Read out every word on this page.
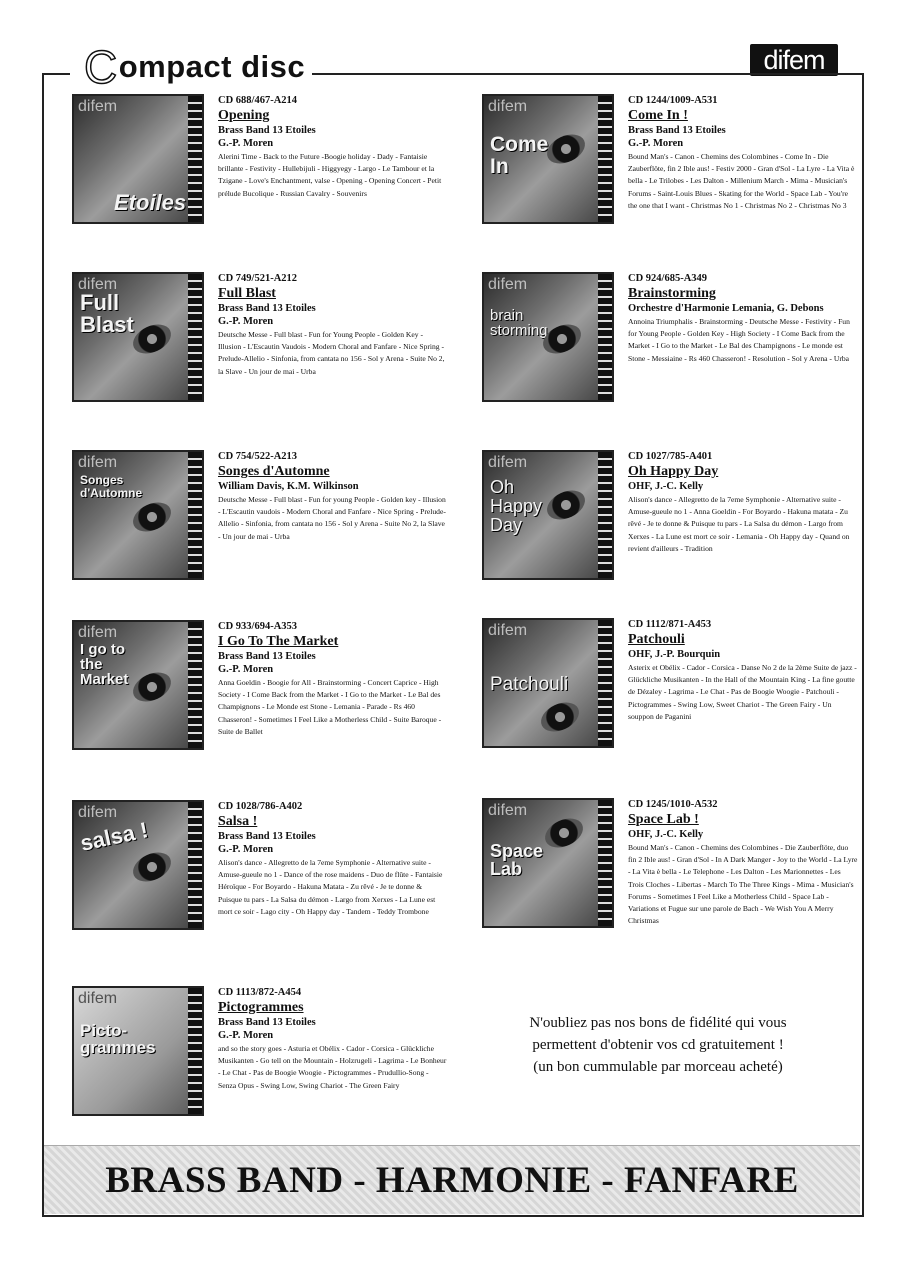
Compact disc	difem
difem
Etoiles
CD 688/467-A214
Opening
Brass Band 13 Etoiles
G.-P. Moren
Alerini Time - Back to the Future -Boogie holiday - Dady - Fantaisie brillante - Festivity - Hullebijuli - Higgyegy - Largo - Le Tambour et la Tzigane - Love's Enchantment, valse - Opening - Opening Concert - Petit prélude Bucolique - Russian Cavalry - Souvenirs
difem
Full Blast
CD 749/521-A212
Full Blast
Brass Band 13 Etoiles
G.-P. Moren
Deutsche Messe - Full blast - Fun for Young People - Golden Key - Illusion - L'Escautin Vaudois - Modern Choral and Fanfare - Nice Spring - Prelude-Allelio - Sinfonia, from cantata no 156 - Sol y Arena - Suite No 2, la Slave - Un jour de mai - Urba
difem
Songes d'Automne
CD 754/522-A213
Songes d'Automne
William Davis, K.M. Wilkinson
Deutsche Messe - Full blast - Fun for young People - Golden key - Illusion - L'Escautin vaudois - Modern Choral and Fanfare - Nice Spring - Prelude-Allelio - Sinfonia, from cantata no 156 - Sol y Arena - Suite No 2, la Slave - Un jour de mai - Urba
difem
I go to the Market
CD 933/694-A353
I Go To The Market
Brass Band 13 Etoiles
G.-P. Moren
Anna Goeldin - Boogie for All - Brainstorming - Concert Caprice - High Society - I Come Back from the Market - I Go to the Market - Le Bal des Champignons - Le Monde est Stone - Lemania - Parade - Rs 460 Chasseron! - Sometimes I Feel Like a Motherless Child - Suite Baroque - Suite de Ballet
difem
salsa !
CD 1028/786-A402
Salsa !
Brass Band 13 Etoiles
G.-P. Moren
Alison's dance - Allegretto de la 7eme Symphonie - Alternative suite - Amuse-gueule no 1 - Dance of the rose maidens - Duo de flûte - Fantaisie Héroïque - For Boyardo - Hakuna Matata - Zu rêvé - Je te donne & Puisque tu pars - La Salsa du démon - Largo from Xerxes - La Lune est mort ce soir - Lago city - Oh Happy day - Tandem - Teddy Trombone
difem
Picto-grammes
CD 1113/872-A454
Pictogrammes
Brass Band 13 Etoiles
G.-P. Moren
and so the story goes - Asturia et Obélix - Cador - Corsica - Glückliche Musikanten - Go tell on the Mountain - Holzrugeli - Lagrima - Le Bonheur - Le Chat - Pas de Boogie Woogie - Pictogrammes - Prudullio-Song - Senza Opus - Swing Low, Swing Chariot - The Green Fairy
difem
Come In
CD 1244/1009-A531
Come In !
Brass Band 13 Etoiles
G.-P. Moren
Bound Man's - Canon - Chemins des Colombines - Come In - Die Zauberflöte, fin 2 Ible aus! - Festiv 2000 - Gran d'Sol - La Lyre - La Vita è bella - Le Trilobes - Les Dalton - Millenium March - Mima - Musician's Forums - Saint-Louis Blues - Skating for the World - Space Lab - You're the one that I want - Christmas No 1 - Christmas No 2 - Christmas No 3
difem
brain storming
CD 924/685-A349
Brainstorming
Orchestre d'Harmonie Lemania, G. Debons
Annoina Triumphalis - Brainstorming - Deutsche Messe - Festivity - Fun for Young People - Golden Key - High Society - I Come Back from the Market - I Go to the Market - Le Bal des Champignons - Le monde est Stone - Messiaine - Rs 460 Chasseron! - Resolution - Sol y Arena - Urba
difem
Oh Happy Day
CD 1027/785-A401
Oh Happy Day
OHF, J.-C. Kelly
Alison's dance - Allegretto de la 7eme Symphonie - Alternative suite - Amuse-gueule no 1 - Anna Goeldin - For Boyardo - Hakuna matata - Zu rêvé - Je te donne & Puisque tu pars - La Salsa du démon - Largo from Xerxes - La Lune est mort ce soir - Lemania - Oh Happy day - Quand on revient d'ailleurs - Tradition
difem
Patchouli
CD 1112/871-A453
Patchouli
OHF, J.-P. Bourquin
Asterix et Obélix - Cador - Corsica - Danse No 2 de la 2ème Suite de jazz - Glückliche Musikanten - In the Hall of the Mountain King - La fine goutte de Dézaley - Lagrima - Le Chat - Pas de Boogie Woogie - Patchouli - Pictogrammes - Swing Low, Sweet Chariot - The Green Fairy - Un souppon de Paganini
difem
Space Lab
CD 1245/1010-A532
Space Lab !
OHF, J.-C. Kelly
Bound Man's - Canon - Chemins des Colombines - Die Zauberflöte, duo fin 2 Ible aus! - Gran d'Sol - In A Dark Manger - Joy to the World - La Lyre - La Vita è bella - Le Telephone - Les Dalton - Les Marionnettes - Les Trois Cloches - Libertas - March To The Three Kings - Mima - Musician's Forums - Sometimes I Feel Like a Motherless Child - Space Lab - Variations et Fugue sur une parole de Bach - We Wish You A Merry Christmas
N'oubliez pas nos bons de fidélité qui vous
permettent d'obtenir vos cd gratuitement !
(un bon cummulable par morceau acheté)
BRASS BAND - HARMONIE - FANFARE
